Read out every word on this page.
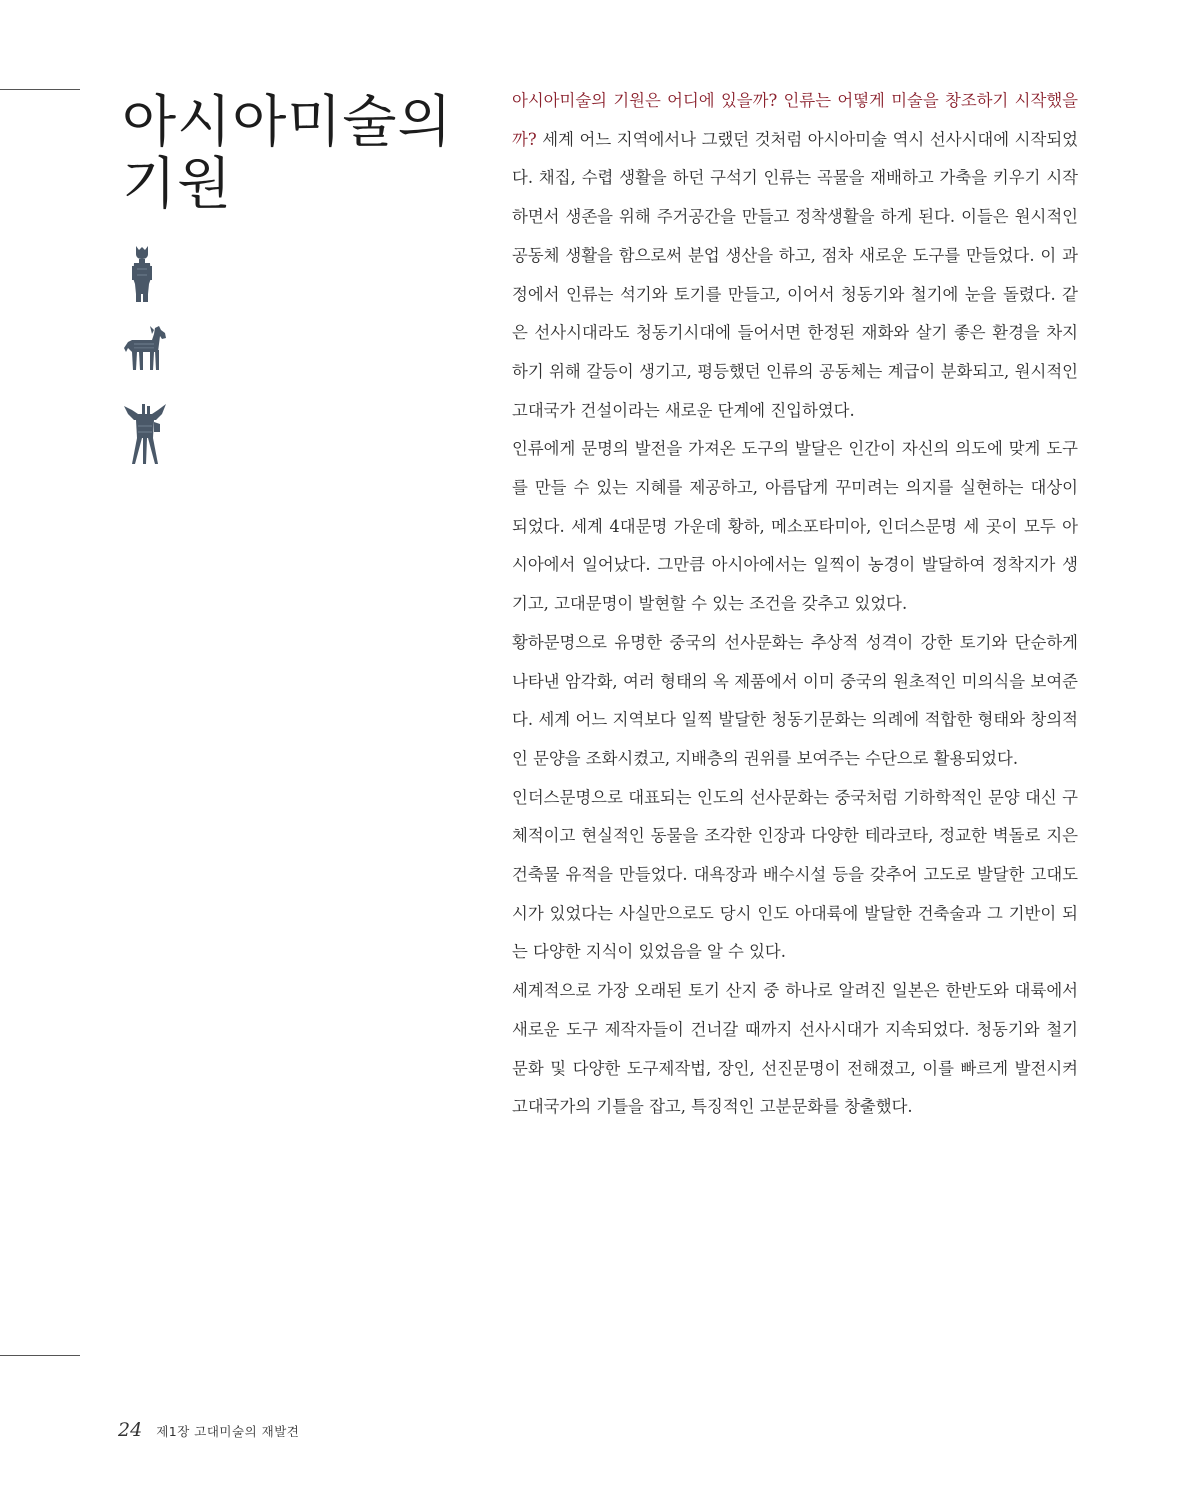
아시아미술의
기원

아시아미술의 기원은 어디에 있을까? 인류는 어떻게 미술을 창조하기 시작했을까? 세계 어느 지역에서나 그랬던 것처럼 아시아미술 역시 선사시대에 시작되었다. 채집, 수렵 생활을 하던 구석기 인류는 곡물을 재배하고 가축을 키우기 시작하면서 생존을 위해 주거공간을 만들고 정착생활을 하게 된다. 이들은 원시적인 공동체 생활을 함으로써 분업 생산을 하고, 점차 새로운 도구를 만들었다. 이 과정에서 인류는 석기와 토기를 만들고, 이어서 청동기와 철기에 눈을 돌렸다. 같은 선사시대라도 청동기시대에 들어서면 한정된 재화와 살기 좋은 환경을 차지하기 위해 갈등이 생기고, 평등했던 인류의 공동체는 계급이 분화되고, 원시적인 고대국가 건설이라는 새로운 단계에 진입하였다.

인류에게 문명의 발전을 가져온 도구의 발달은 인간이 자신의 의도에 맞게 도구를 만들 수 있는 지혜를 제공하고, 아름답게 꾸미려는 의지를 실현하는 대상이 되었다. 세계 4대문명 가운데 황하, 메소포타미아, 인더스문명 세 곳이 모두 아시아에서 일어났다. 그만큼 아시아에서는 일찍이 농경이 발달하여 정착지가 생기고, 고대문명이 발현할 수 있는 조건을 갖추고 있었다.

황하문명으로 유명한 중국의 선사문화는 추상적 성격이 강한 토기와 단순하게 나타낸 암각화, 여러 형태의 옥 제품에서 이미 중국의 원초적인 미의식을 보여준다. 세계 어느 지역보다 일찍 발달한 청동기문화는 의례에 적합한 형태와 창의적인 문양을 조화시켰고, 지배층의 권위를 보여주는 수단으로 활용되었다.

인더스문명으로 대표되는 인도의 선사문화는 중국처럼 기하학적인 문양 대신 구체적이고 현실적인 동물을 조각한 인장과 다양한 테라코타, 정교한 벽돌로 지은 건축물 유적을 만들었다. 대욕장과 배수시설 등을 갖추어 고도로 발달한 고대도시가 있었다는 사실만으로도 당시 인도 아대륙에 발달한 건축술과 그 기반이 되는 다양한 지식이 있었음을 알 수 있다.

세계적으로 가장 오래된 토기 산지 중 하나로 알려진 일본은 한반도와 대륙에서 새로운 도구 제작자들이 건너갈 때까지 선사시대가 지속되었다. 청동기와 철기문화 및 다양한 도구제작법, 장인, 선진문명이 전해졌고, 이를 빠르게 발전시켜 고대국가의 기틀을 잡고, 특징적인 고분문화를 창출했다.

24 제1장 고대미술의 재발견
